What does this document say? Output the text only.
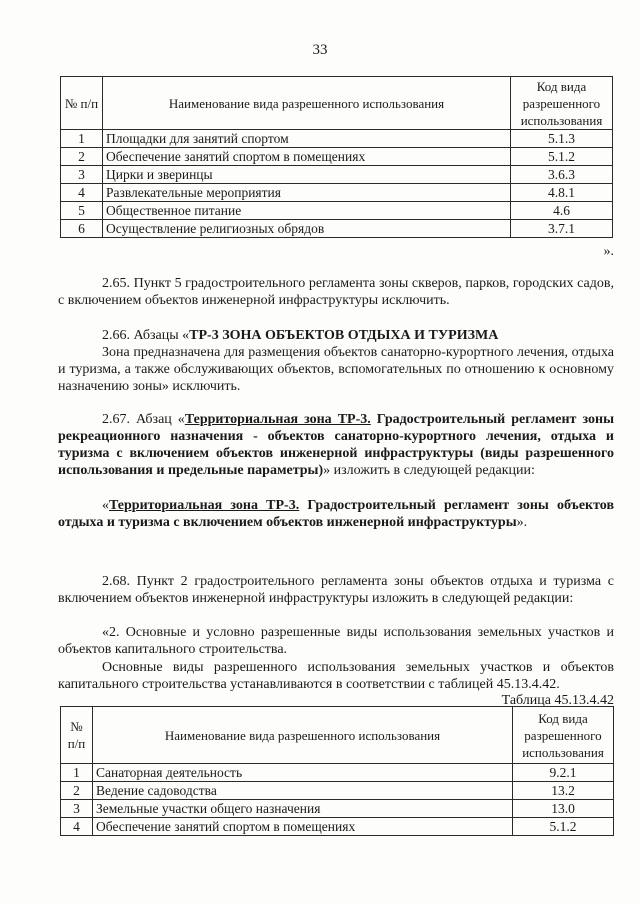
33
№ п/п	Наименование вида разрешенного использования	Код вида разрешенного использования
1	Площадки для занятий спортом	5.1.3
2	Обеспечение занятий спортом в помещениях	5.1.2
3	Цирки и зверинцы	3.6.3
4	Развлекательные мероприятия	4.8.1
5	Общественное питание	4.6
6	Осуществление религиозных обрядов	3.7.1
».
2.65. Пункт 5 градостроительного регламента зоны скверов, парков, городских садов, с включением объектов инженерной инфраструктуры исключить.
2.66. Абзацы «ТР-3 ЗОНА ОБЪЕКТОВ ОТДЫХА И ТУРИЗМА
Зона предназначена для размещения объектов санаторно-курортного лечения, отдыха и туризма, а также обслуживающих объектов, вспомогательных по отношению к основному назначению зоны» исключить.
2.67. Абзац «Территориальная зона ТР-3. Градостроительный регламент зоны рекреационного назначения - объектов санаторно-курортного лечения, отдыха и туризма с включением объектов инженерной инфраструктуры (виды разрешенного использования и предельные параметры)» изложить в следующей редакции:
«Территориальная зона ТР-3. Градостроительный регламент зоны объектов отдыха и туризма с включением объектов инженерной инфраструктуры».
2.68. Пункт 2 градостроительного регламента зоны объектов отдыха и туризма с включением объектов инженерной инфраструктуры изложить в следующей редакции:
«2. Основные и условно разрешенные виды использования земельных участков и объектов капитального строительства.
Основные виды разрешенного использования земельных участков и объектов капитального строительства устанавливаются в соответствии с таблицей 45.13.4.42.
Таблица 45.13.4.42
№ п/п	Наименование вида разрешенного использования	Код вида разрешенного использования
1	Санаторная деятельность	9.2.1
2	Ведение садоводства	13.2
3	Земельные участки общего назначения	13.0
4	Обеспечение занятий спортом в помещениях	5.1.2
